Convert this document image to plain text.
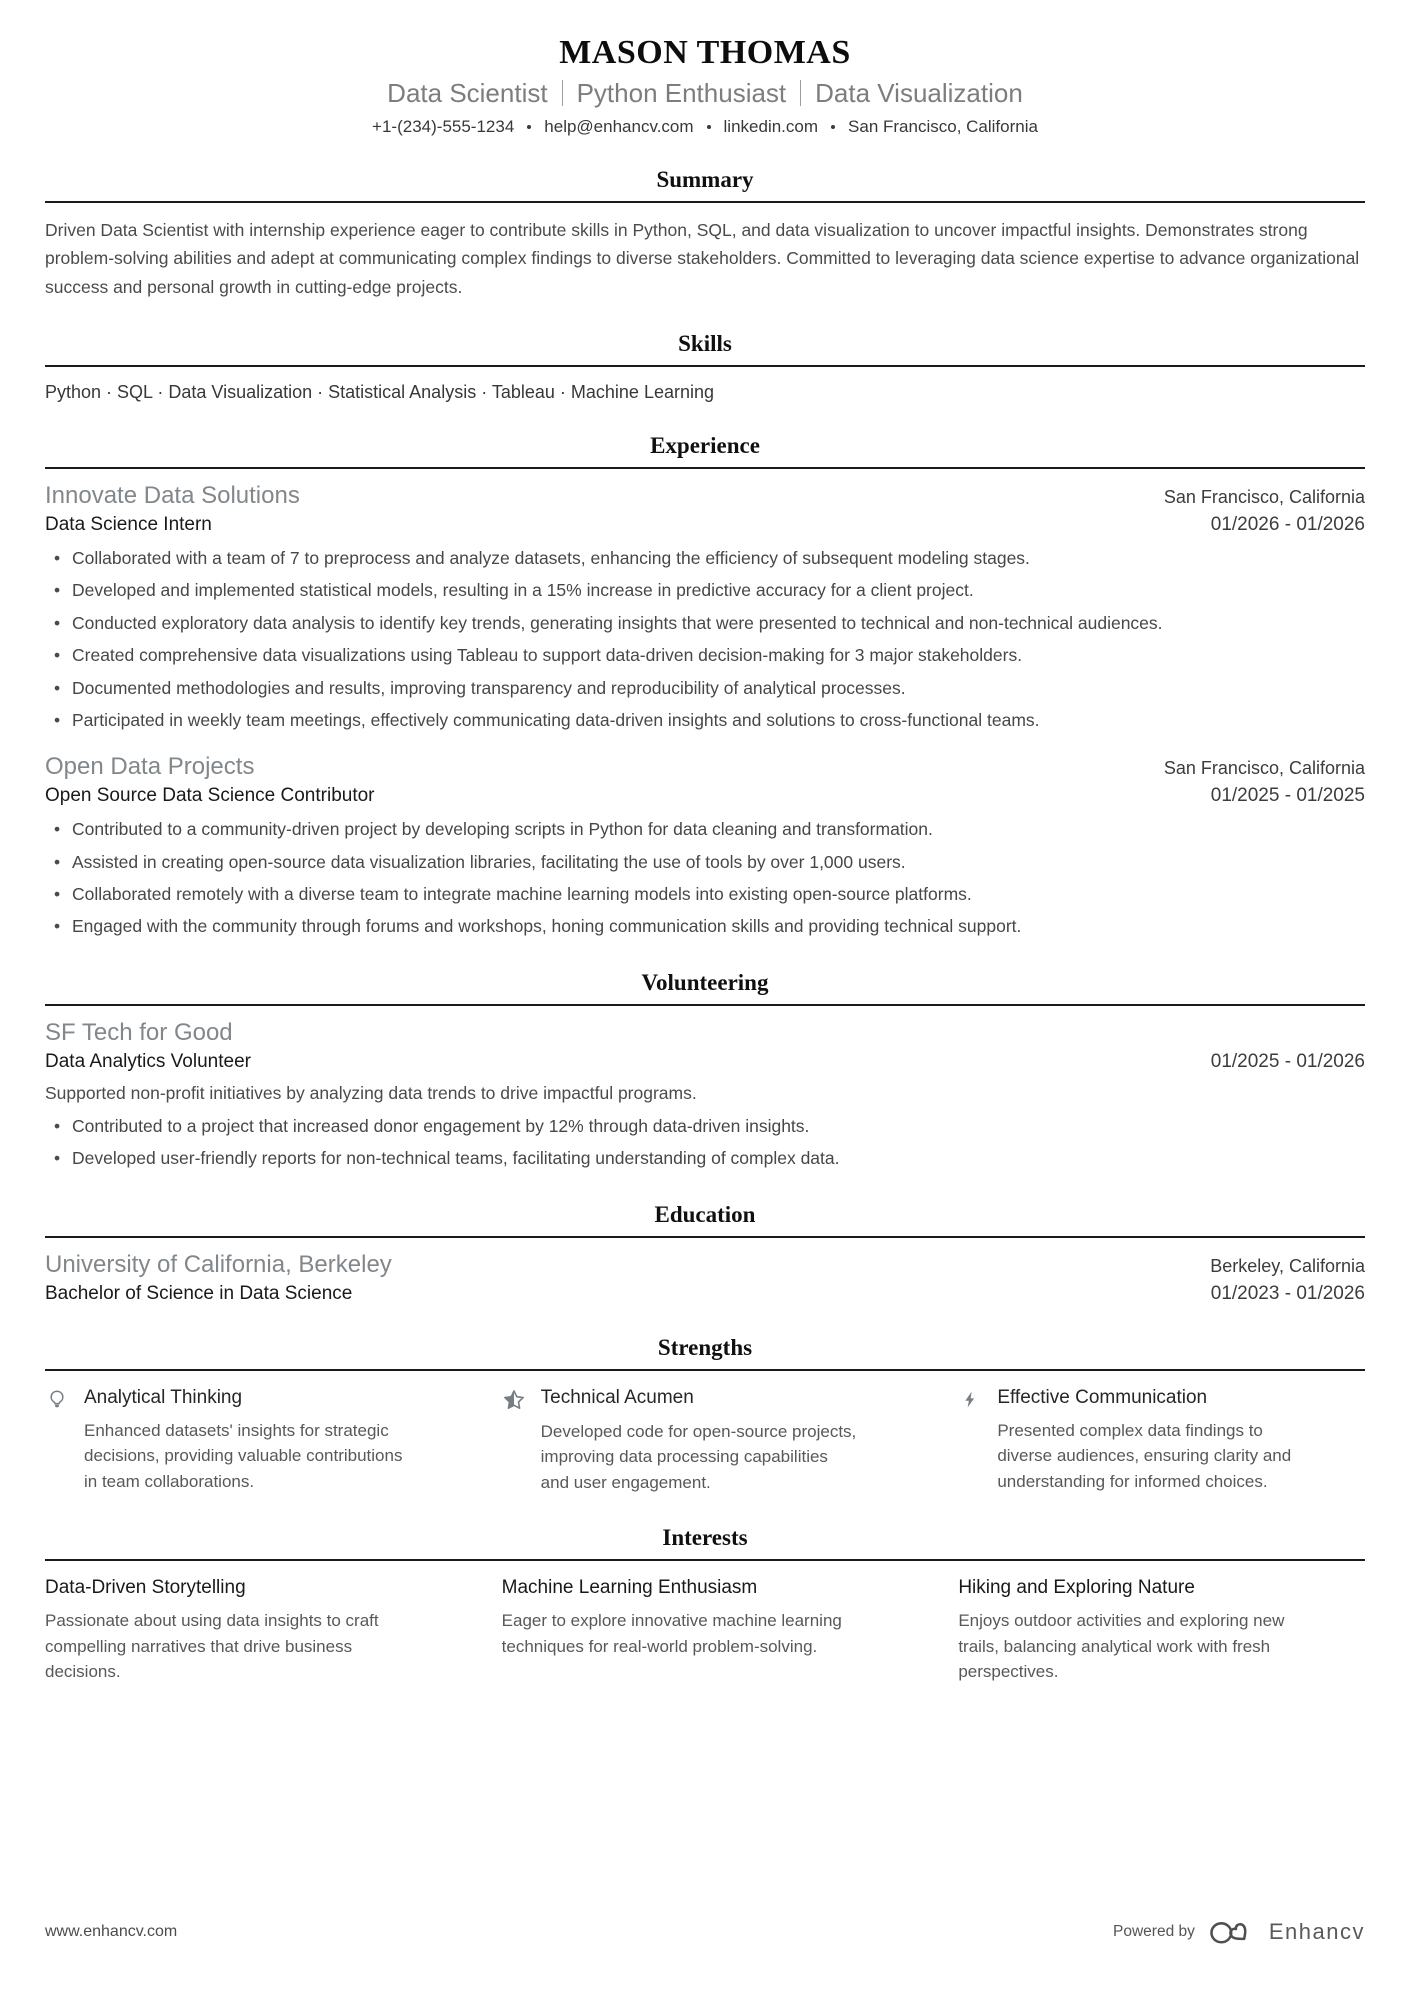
MASON THOMAS
Data Scientist Python Enthusiast Data Visualization
+1-(234)-555-1234 help@enhancv.com linkedin.com San Francisco, California
Summary

Driven Data Scientist with internship experience eager to contribute skills in Python, SQL, and data visualization to uncover impactful insights. Demonstrates strong problem-solving abilities and adept at communicating complex findings to diverse stakeholders. Committed to leveraging data science expertise to advance organizational success and personal growth in cutting-edge projects.

Skills

Python · SQL · Data Visualization · Statistical Analysis · Tableau · Machine Learning

Experience
Innovate Data Solutions	San Francisco, California
Data Science Intern	01/2026 - 01/2026
• Collaborated with a team of 7 to preprocess and analyze datasets, enhancing the efficiency of subsequent modeling stages.
• Developed and implemented statistical models, resulting in a 15% increase in predictive accuracy for a client project.
• Conducted exploratory data analysis to identify key trends, generating insights that were presented to technical and non-technical audiences.
• Created comprehensive data visualizations using Tableau to support data-driven decision-making for 3 major stakeholders.
• Documented methodologies and results, improving transparency and reproducibility of analytical processes.
• Participated in weekly team meetings, effectively communicating data-driven insights and solutions to cross-functional teams.
Open Data Projects	San Francisco, California
Open Source Data Science Contributor	01/2025 - 01/2025
• Contributed to a community-driven project by developing scripts in Python for data cleaning and transformation.
• Assisted in creating open-source data visualization libraries, facilitating the use of tools by over 1,000 users.
• Collaborated remotely with a diverse team to integrate machine learning models into existing open-source platforms.
• Engaged with the community through forums and workshops, honing communication skills and providing technical support.
Volunteering
SF Tech for Good
Data Analytics Volunteer	01/2025 - 01/2026

Supported non-profit initiatives by analyzing data trends to drive impactful programs.

• Contributed to a project that increased donor engagement by 12% through data-driven insights.
• Developed user-friendly reports for non-technical teams, facilitating understanding of complex data.
Education
University of California, Berkeley	Berkeley, California
Bachelor of Science in Data Science	01/2023 - 01/2026
Strengths
Analytical Thinking

Enhanced datasets' insights for strategic decisions, providing valuable contributions in team collaborations.

Technical Acumen

Developed code for open-source projects, improving data processing capabilities and user engagement.

Effective Communication

Presented complex data findings to diverse audiences, ensuring clarity and understanding for informed choices.

Interests
Data-Driven Storytelling

Passionate about using data insights to craft compelling narratives that drive business decisions.

Machine Learning Enthusiasm

Eager to explore innovative machine learning techniques for real-world problem-solving.

Hiking and Exploring Nature

Enjoys outdoor activities and exploring new trails, balancing analytical work with fresh perspectives.

www.enhancv.com	Powered by	Enhancv
